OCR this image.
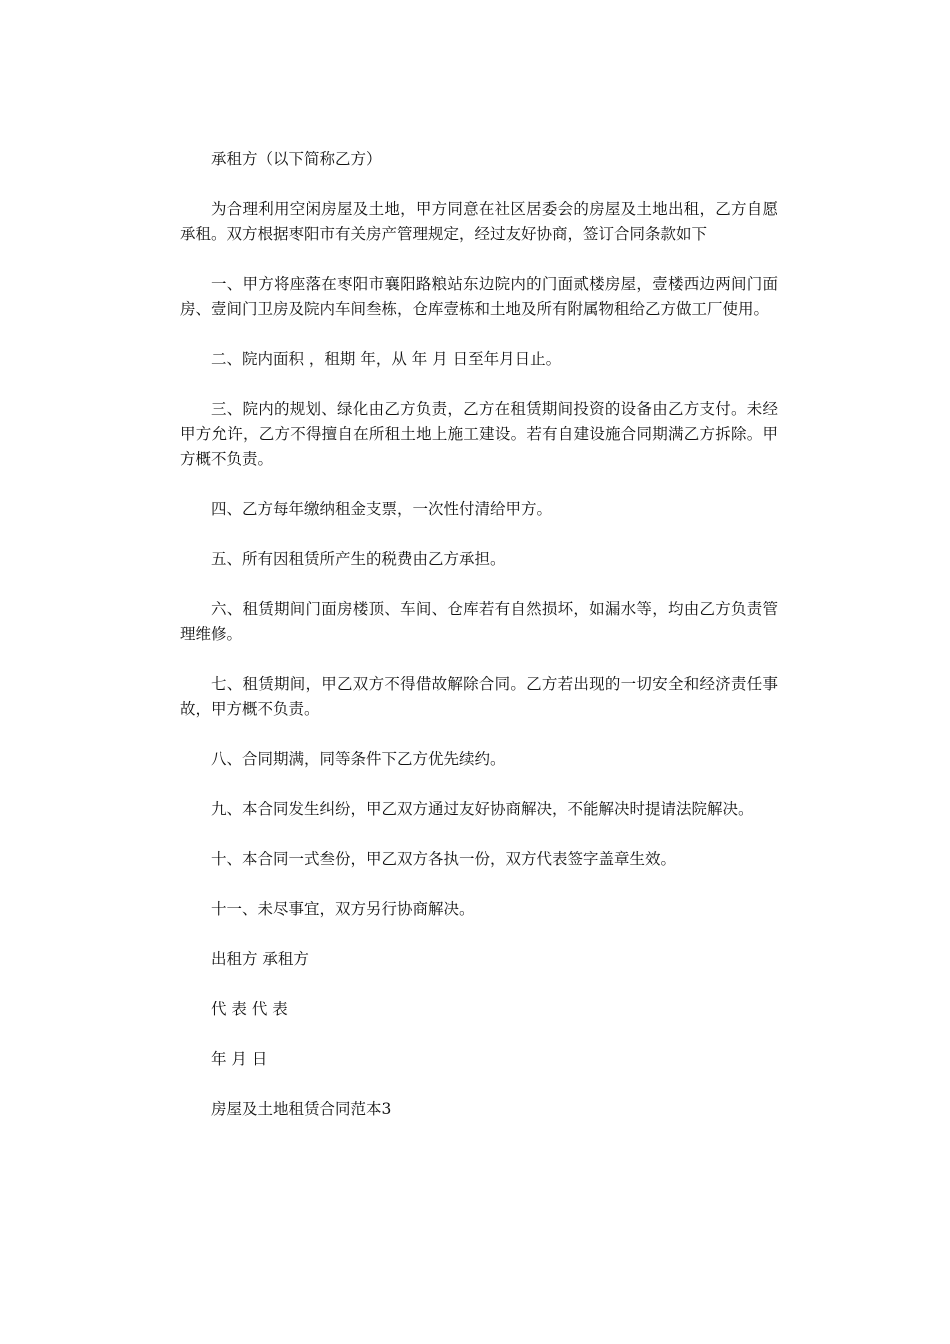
承租方（以下简称乙方）

为合理利用空闲房屋及土地，甲方同意在社区居委会的房屋及土地出租，乙方自愿承租。双方根据枣阳市有关房产管理规定，经过友好协商，签订合同条款如下

一、甲方将座落在枣阳市襄阳路粮站东边院内的门面贰楼房屋，壹楼西边两间门面房、壹间门卫房及院内车间叁栋，仓库壹栋和土地及所有附属物租给乙方做工厂使用。

二、院内面积 ，租期 年，从 年 月 日至年月日止。

三、院内的规划、绿化由乙方负责，乙方在租赁期间投资的设备由乙方支付。未经甲方允许，乙方不得擅自在所租土地上施工建设。若有自建设施合同期满乙方拆除。甲方概不负责。

四、乙方每年缴纳租金支票，一次性付清给甲方。

五、所有因租赁所产生的税费由乙方承担。

六、租赁期间门面房楼顶、车间、仓库若有自然损坏，如漏水等，均由乙方负责管理维修。

七、租赁期间，甲乙双方不得借故解除合同。乙方若出现的一切安全和经济责任事故，甲方概不负责。

八、合同期满，同等条件下乙方优先续约。

九、本合同发生纠纷，甲乙双方通过友好协商解决，不能解决时提请法院解决。

十、本合同一式叁份，甲乙双方各执一份，双方代表签字盖章生效。

十一、未尽事宜，双方另行协商解决。

出租方 承租方

代 表 代 表

年 月 日

房屋及土地租赁合同范本3
